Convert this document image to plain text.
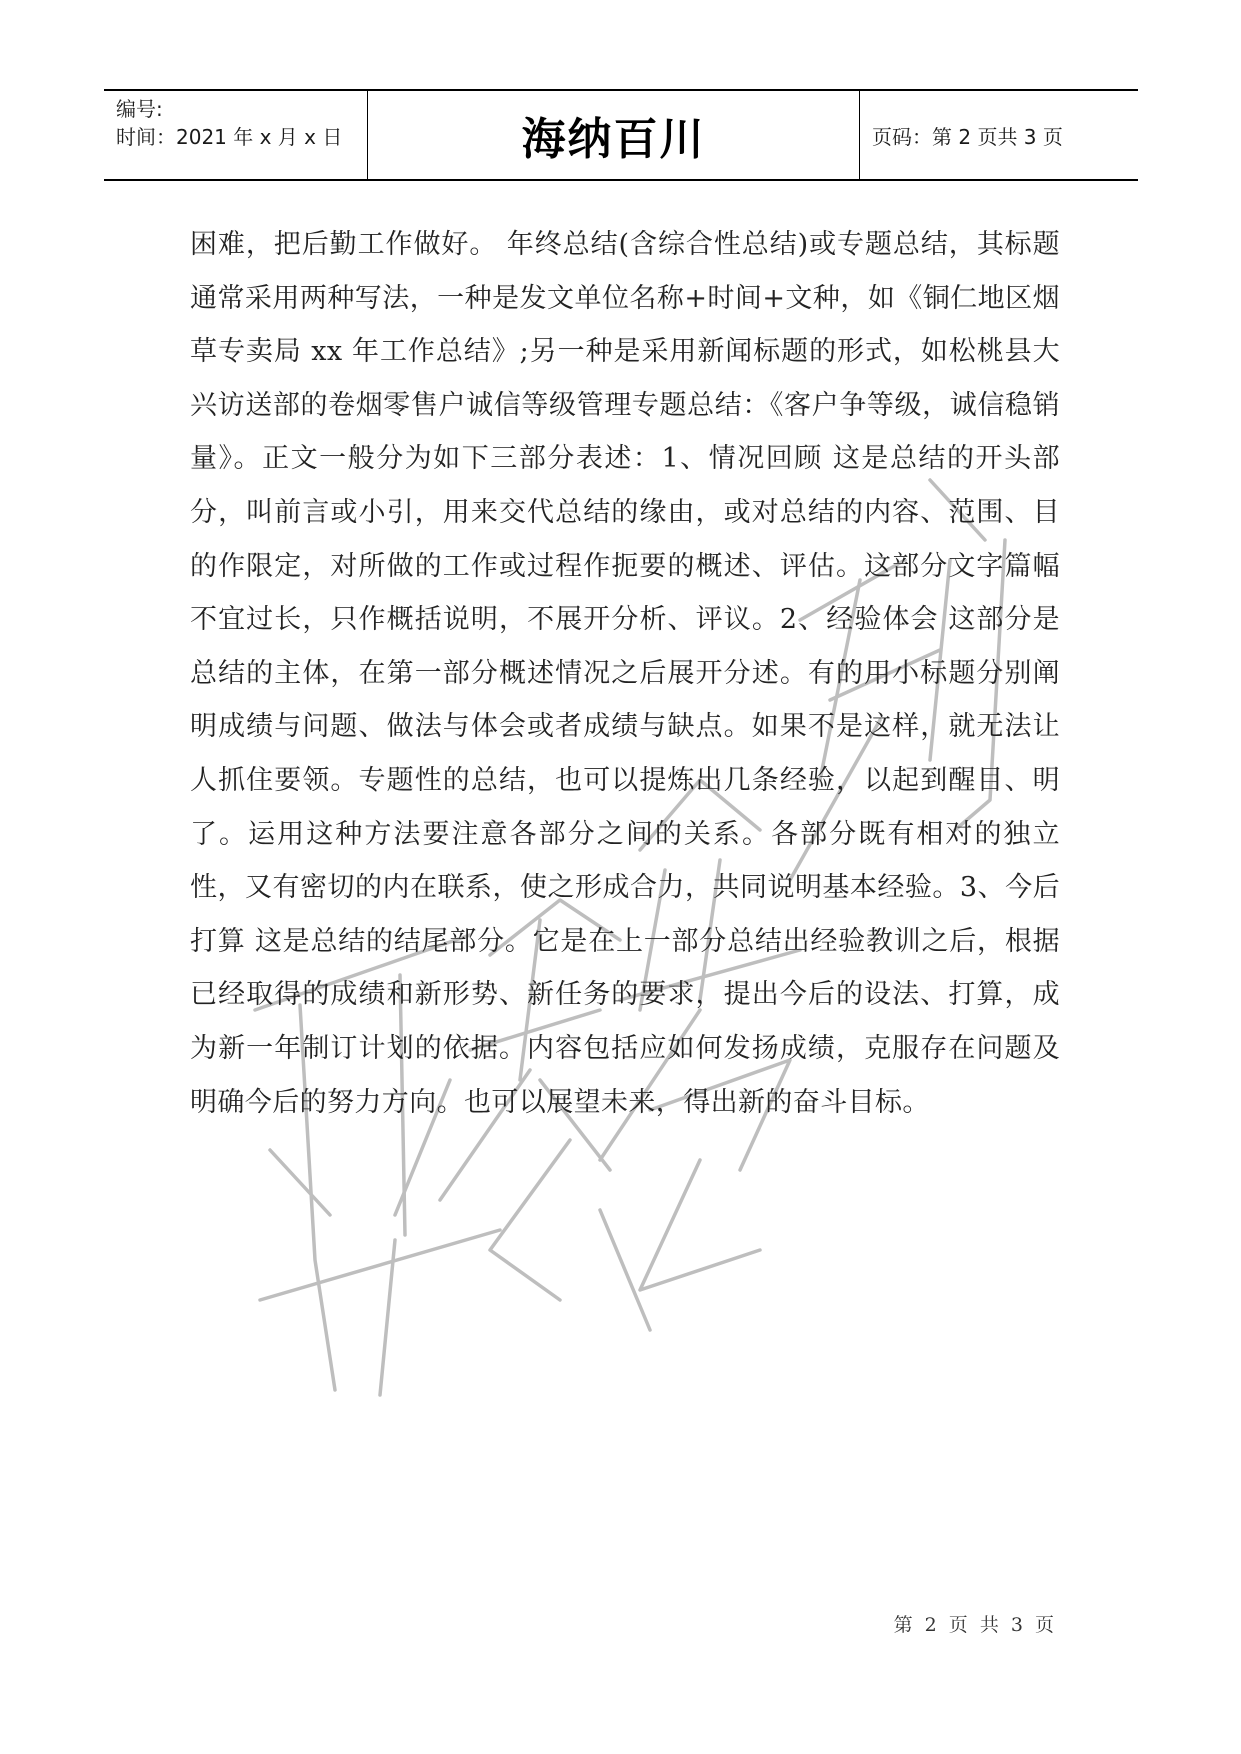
编号:
时间：2021 年 x 月 x 日	海纳百川	页码：第 2 页共 3 页
困难，把后勤工作做好。 年终总结(含综合性总结)或专题总结，其标题通常采用两种写法，一种是发文单位名称+时间+文种，如《铜仁地区烟草专卖局 xx 年工作总结》;另一种是采用新闻标题的形式，如松桃县大兴访送部的卷烟零售户诚信等级管理专题总结：《客户争等级，诚信稳销量》。正文一般分为如下三部分表述：1、情况回顾 这是总结的开头部分，叫前言或小引，用来交代总结的缘由，或对总结的内容、范围、目的作限定，对所做的工作或过程作扼要的概述、评估。这部分文字篇幅不宜过长，只作概括说明，不展开分析、评议。2、经验体会 这部分是总结的主体，在第一部分概述情况之后展开分述。有的用小标题分别阐明成绩与问题、做法与体会或者成绩与缺点。如果不是这样，就无法让人抓住要领。专题性的总结，也可以提炼出几条经验，以起到醒目、明了。运用这种方法要注意各部分之间的关系。各部分既有相对的独立性，又有密切的内在联系，使之形成合力，共同说明基本经验。3、今后打算 这是总结的结尾部分。它是在上一部分总结出经验教训之后，根据已经取得的成绩和新形势、新任务的要求，提出今后的设法、打算，成为新一年制订计划的依据。内容包括应如何发扬成绩，克服存在问题及明确今后的努力方向。也可以展望未来，得出新的奋斗目标。
第 2 页 共 3 页
